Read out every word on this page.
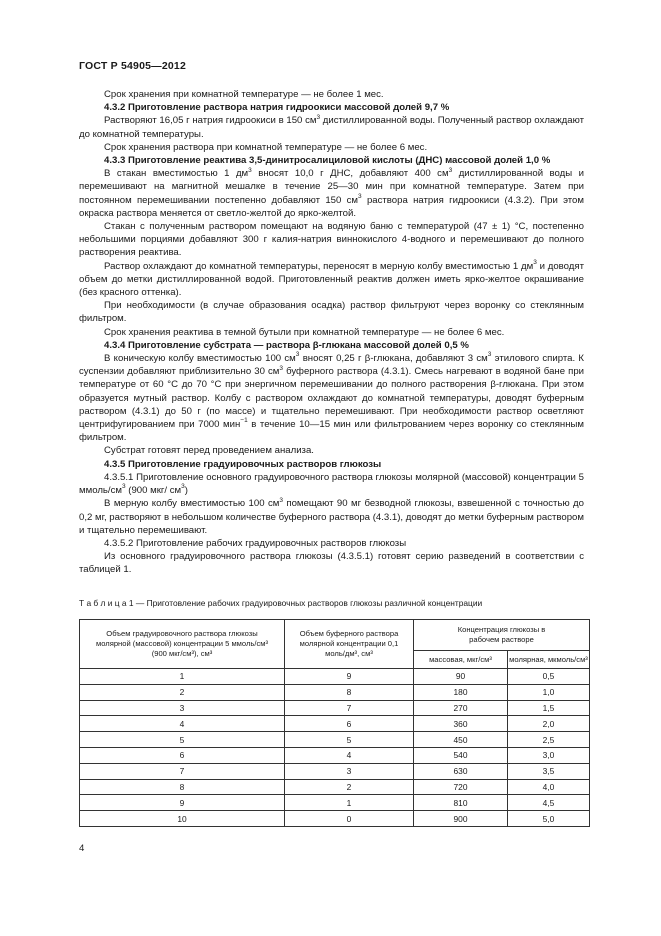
ГОСТ Р 54905—2012

Срок хранения при комнатной температуре — не более 1 мес.

4.3.2 Приготовление раствора натрия гидроокиси массовой долей 9,7 %

Растворяют 16,05 г натрия гидроокиси в 150 $см^3$ дистиллированной воды. Полученный раствор охлаждают до комнатной температуры.

Срок хранения раствора при комнатной температуре — не более 6 мес.

4.3.3 Приготовление реактива 3,5-динитросалициловой кислоты (ДНС) массовой долей 1,0 %

В стакан вместимостью 1 $дм^3$ вносят 10,0 г ДНС, добавляют 400 $см^3$ дистиллированной воды и перемешивают на магнитной мешалке в течение 25—30 мин при комнатной температуре. Затем при постоянном перемешивании постепенно добавляют 150 $см^3$ раствора натрия гидроокиси (4.3.2). При этом окраска раствора меняется от светло-желтой до ярко-желтой.

Стакан с полученным раствором помещают на водяную баню с температурой (47 ± 1) °С, постепенно небольшими порциями добавляют 300 г калия-натрия виннокислого 4-водного и перемешивают до полного растворения реактива.

Раствор охлаждают до комнатной температуры, переносят в мерную колбу вместимостью 1 $дм^3$ и доводят объем до метки дистиллированной водой. Приготовленный реактив должен иметь ярко-желтое окрашивание (без красного оттенка).

При необходимости (в случае образования осадка) раствор фильтруют через воронку со стеклянным фильтром.

Срок хранения реактива в темной бутыли при комнатной температуре — не более 6 мес.

4.3.4 Приготовление субстрата — раствора β-глюкана массовой долей 0,5 %

В коническую колбу вместимостью 100 $см^3$ вносят 0,25 г β-глюкана, добавляют 3 $см^3$ этилового спирта. К суспензии добавляют приблизительно 30 $см^3$ буферного раствора (4.3.1). Смесь нагревают в водяной бане при температуре от 60 °С до 70 °С при энергичном перемешивании до полного растворения β-глюкана. При этом образуется мутный раствор. Колбу с раствором охлаждают до комнатной температуры, доводят буферным раствором (4.3.1) до 50 г (по массе) и тщательно перемешивают. При необходимости раствор осветляют центрифугированием при 7000 мин$^{-1}$ в течение 10—15 мин или фильтрованием через воронку со стеклянным фильтром.

Субстрат готовят перед проведением анализа.

4.3.5 Приготовление градуировочных растворов глюкозы

4.3.5.1 Приготовление основного градуировочного раствора глюкозы молярной (массовой) концентрации 5 ммоль/$см^3$ (900 мкг/ $см^3$)

В мерную колбу вместимостью 100 $см^3$ помещают 90 мг безводной глюкозы, взвешенной с точностью до 0,2 мг, растворяют в небольшом количестве буферного раствора (4.3.1), доводят до метки буферным раствором и тщательно перемешивают.

4.3.5.2 Приготовление рабочих градуировочных растворов глюкозы

Из основного градуировочного раствора глюкозы (4.3.5.1) готовят серию разведений в соответствии с таблицей 1.

Т а б л и ц а 1 — Приготовление рабочих градуировочных растворов глюкозы различной концентрации
Объем градуировочного раствора глюкозы молярной (массовой) концентрации 5 ммоль/см³ (900 мкг/см³), см³	Объем буферного раствора молярной концентрации 0,1 моль/дм³, см³	Концентрация глюкозы в рабочем растворе	
		массовая, мкг/см³	молярная, мкмоль/см³
1	9	90	0,5
2	8	180	1,0
3	7	270	1,5
4	6	360	2,0
5	5	450	2,5
6	4	540	3,0
7	3	630	3,5
8	2	720	4,0
9	1	810	4,5
10	0	900	5,0
4
